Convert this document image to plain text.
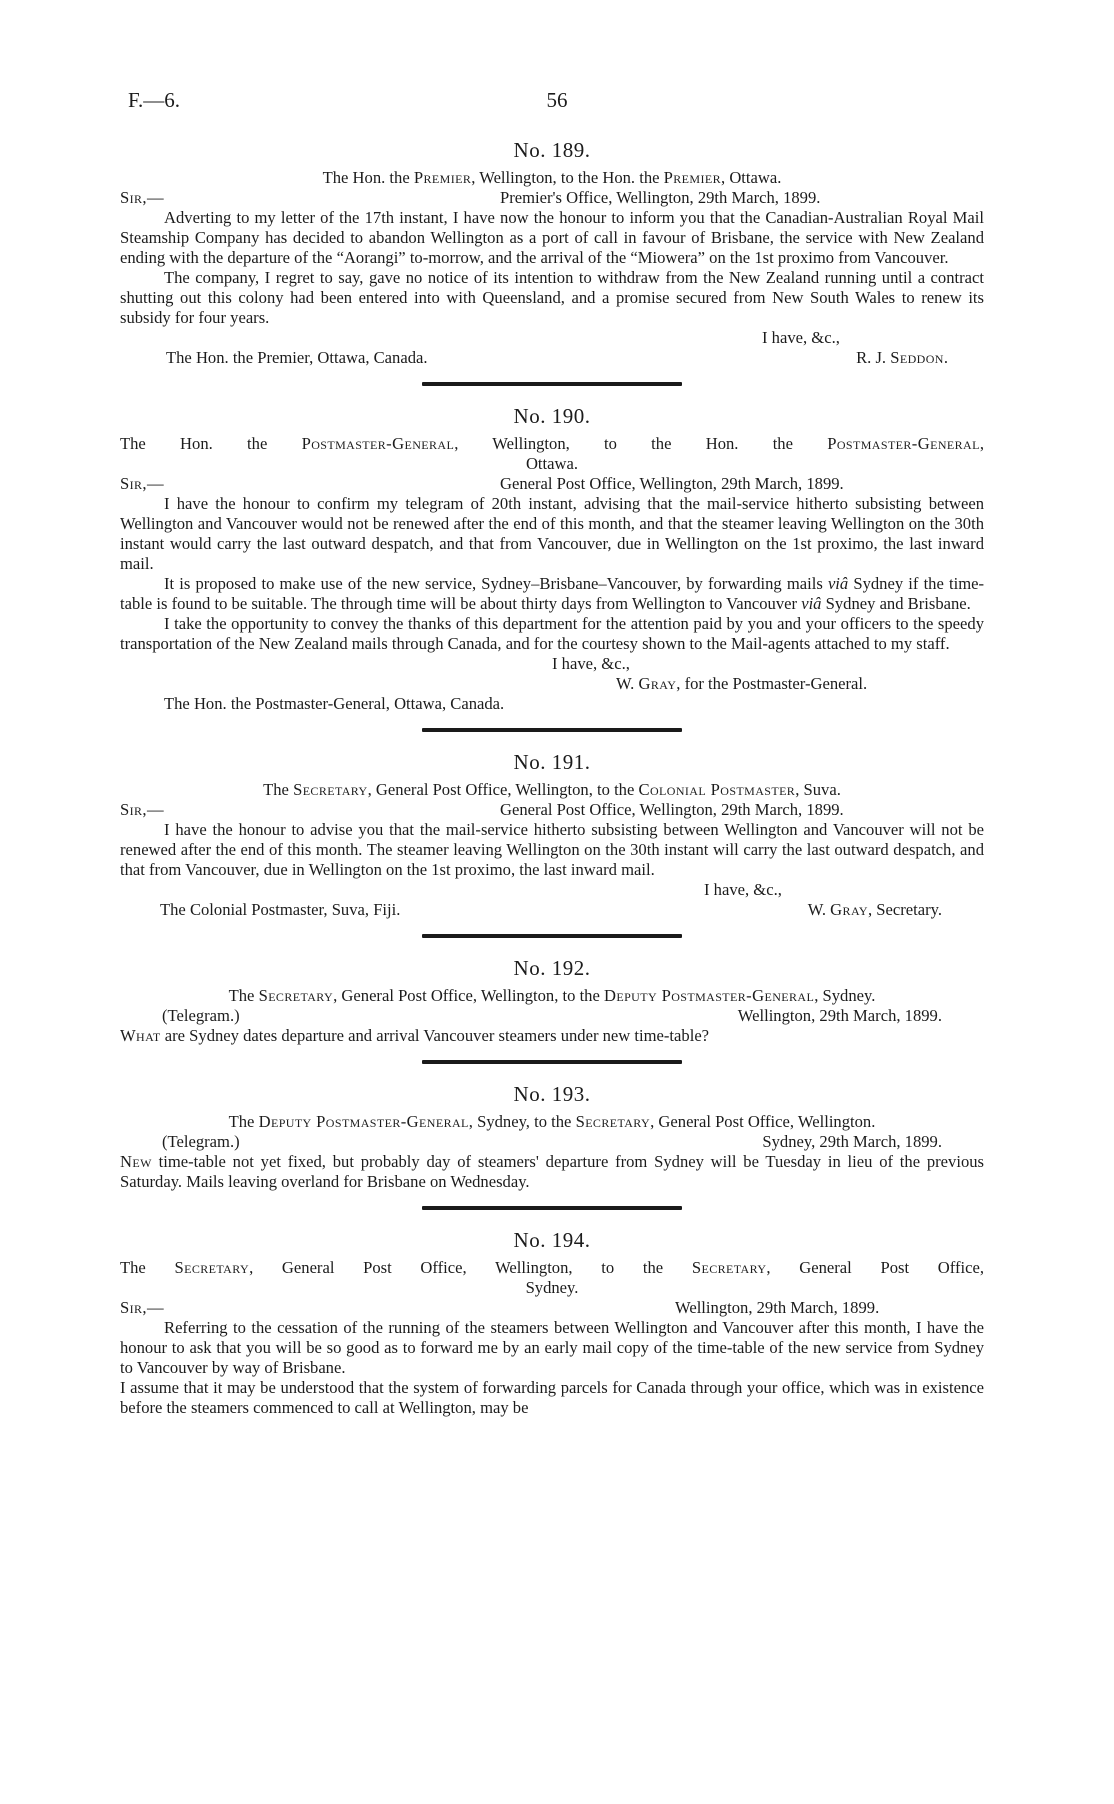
F.—6.	56
No. 189.

The Hon. the Premier, Wellington, to the Hon. the Premier, Ottawa.

Sir,—	Premier's Office, Wellington, 29th March, 1899.

Adverting to my letter of the 17th instant, I have now the honour to inform you that the Canadian-Australian Royal Mail Steamship Company has decided to abandon Wellington as a port of call in favour of Brisbane, the service with New Zealand ending with the departure of the “Aorangi” to-morrow, and the arrival of the “Miowera” on the 1st proximo from Vancouver.

The company, I regret to say, gave no notice of its intention to withdraw from the New Zealand running until a contract shutting out this colony had been entered into with Queensland, and a promise secured from New South Wales to renew its subsidy for four years.

I have, &c.,

The Hon. the Premier, Ottawa, Canada.	R. J. Seddon.
No. 190.

The Hon. the Postmaster-General, Wellington, to the Hon. the Postmaster-General,

Ottawa.

Sir,—	General Post Office, Wellington, 29th March, 1899.

I have the honour to confirm my telegram of 20th instant, advising that the mail-service hitherto subsisting between Wellington and Vancouver would not be renewed after the end of this month, and that the steamer leaving Wellington on the 30th instant would carry the last outward despatch, and that from Vancouver, due in Wellington on the 1st proximo, the last inward mail.

It is proposed to make use of the new service, Sydney–Brisbane–Vancouver, by forwarding mails viâ Sydney if the time-table is found to be suitable. The through time will be about thirty days from Wellington to Vancouver viâ Sydney and Brisbane.

I take the opportunity to convey the thanks of this department for the attention paid by you and your officers to the speedy transportation of the New Zealand mails through Canada, and for the courtesy shown to the Mail-agents attached to my staff.

I have, &c.,

W. Gray, for the Postmaster-General.

The Hon. the Postmaster-General, Ottawa, Canada.

No. 191.

The Secretary, General Post Office, Wellington, to the Colonial Postmaster, Suva.

Sir,—	General Post Office, Wellington, 29th March, 1899.

I have the honour to advise you that the mail-service hitherto subsisting between Wellington and Vancouver will not be renewed after the end of this month. The steamer leaving Wellington on the 30th instant will carry the last outward despatch, and that from Vancouver, due in Wellington on the 1st proximo, the last inward mail.

I have, &c.,

The Colonial Postmaster, Suva, Fiji.	W. Gray, Secretary.
No. 192.

The Secretary, General Post Office, Wellington, to the Deputy Postmaster-General, Sydney.

(Telegram.)	Wellington, 29th March, 1899.

What are Sydney dates departure and arrival Vancouver steamers under new time-table?

No. 193.

The Deputy Postmaster-General, Sydney, to the Secretary, General Post Office, Wellington.

(Telegram.)	Sydney, 29th March, 1899.

New time-table not yet fixed, but probably day of steamers' departure from Sydney will be Tuesday in lieu of the previous Saturday. Mails leaving overland for Brisbane on Wednesday.

No. 194.

The Secretary, General Post Office, Wellington, to the Secretary, General Post Office,

Sydney.

Sir,—	Wellington, 29th March, 1899.

Referring to the cessation of the running of the steamers between Wellington and Vancouver after this month, I have the honour to ask that you will be so good as to forward me by an early mail copy of the time-table of the new service from Sydney to Vancouver by way of Brisbane.

I assume that it may be understood that the system of forwarding parcels for Canada through your office, which was in existence before the steamers commenced to call at Wellington, may be
